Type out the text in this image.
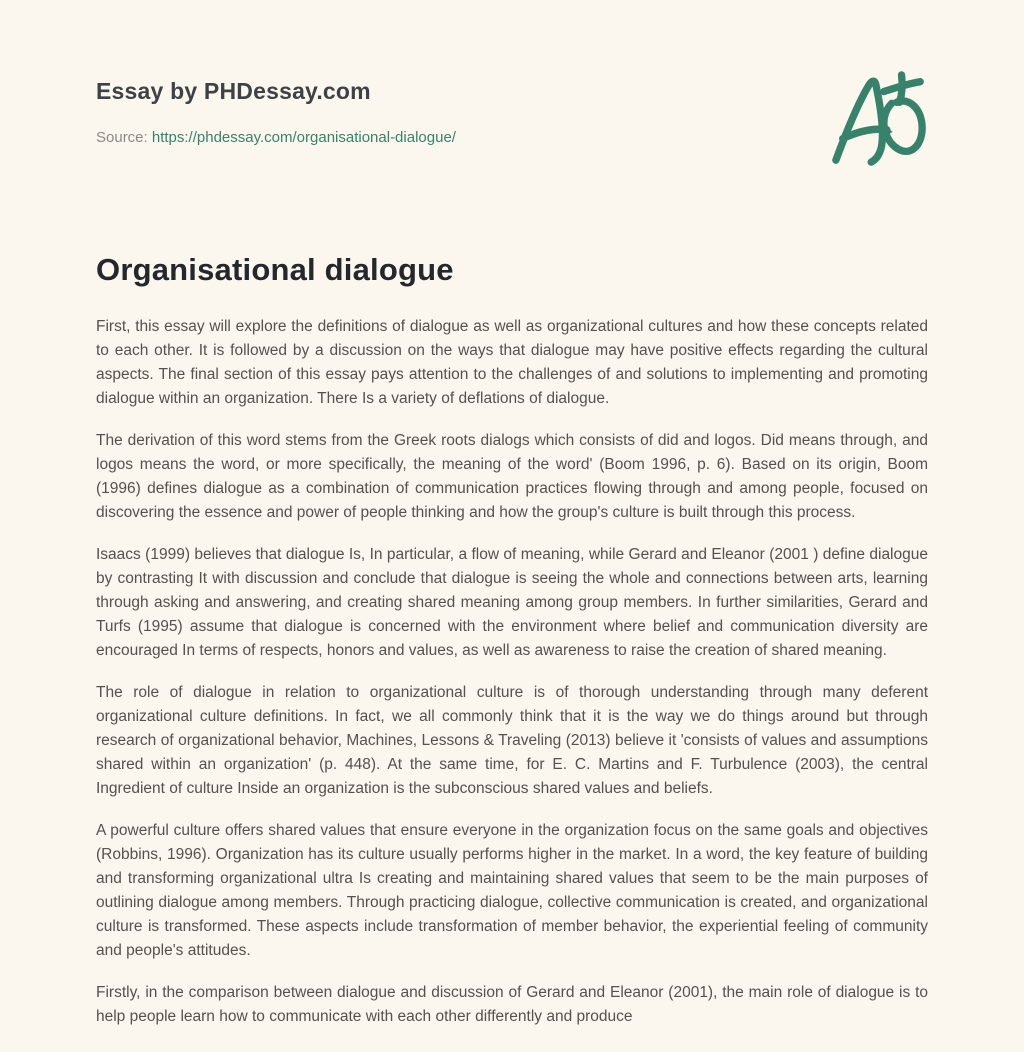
Essay by PHDessay.com
Source: https://phdessay.com/organisational-dialogue/
Organisational dialogue

First, this essay will explore the definitions of dialogue as well as organizational cultures and how these concepts related to each other. It is followed by a discussion on the ways that dialogue may have positive effects regarding the cultural aspects. The final section of this essay pays attention to the challenges of and solutions to implementing and promoting dialogue within an organization. There Is a variety of deflations of dialogue.

The derivation of this word stems from the Greek roots dialogs which consists of did and logos. Did means through, and logos means the word, or more specifically, the meaning of the word' (Boom 1996, p. 6). Based on its origin, Boom (1996) defines dialogue as a combination of communication practices flowing through and among people, focused on discovering the essence and power of people thinking and how the group's culture is built through this process.

Isaacs (1999) believes that dialogue Is, In particular, a flow of meaning, while Gerard and Eleanor (2001 ) define dialogue by contrasting It with discussion and conclude that dialogue is seeing the whole and connections between arts, learning through asking and answering, and creating shared meaning among group members. In further similarities, Gerard and Turfs (1995) assume that dialogue is concerned with the environment where belief and communication diversity are encouraged In terms of respects, honors and values, as well as awareness to raise the creation of shared meaning.

The role of dialogue in relation to organizational culture is of thorough understanding through many deferent organizational culture definitions. In fact, we all commonly think that it is the way we do things around but through research of organizational behavior, Machines, Lessons & Traveling (2013) believe it 'consists of values and assumptions shared within an organization' (p. 448). At the same time, for E. C. Martins and F. Turbulence (2003), the central Ingredient of culture Inside an organization is the subconscious shared values and beliefs.

A powerful culture offers shared values that ensure everyone in the organization focus on the same goals and objectives (Robbins, 1996). Organization has its culture usually performs higher in the market. In a word, the key feature of building and transforming organizational ultra Is creating and maintaining shared values that seem to be the main purposes of outlining dialogue among members. Through practicing dialogue, collective communication is created, and organizational culture is transformed. These aspects include transformation of member behavior, the experiential feeling of community and people's attitudes.

Firstly, in the comparison between dialogue and discussion of Gerard and Eleanor (2001), the main role of dialogue is to help people learn how to communicate with each other differently and produce
